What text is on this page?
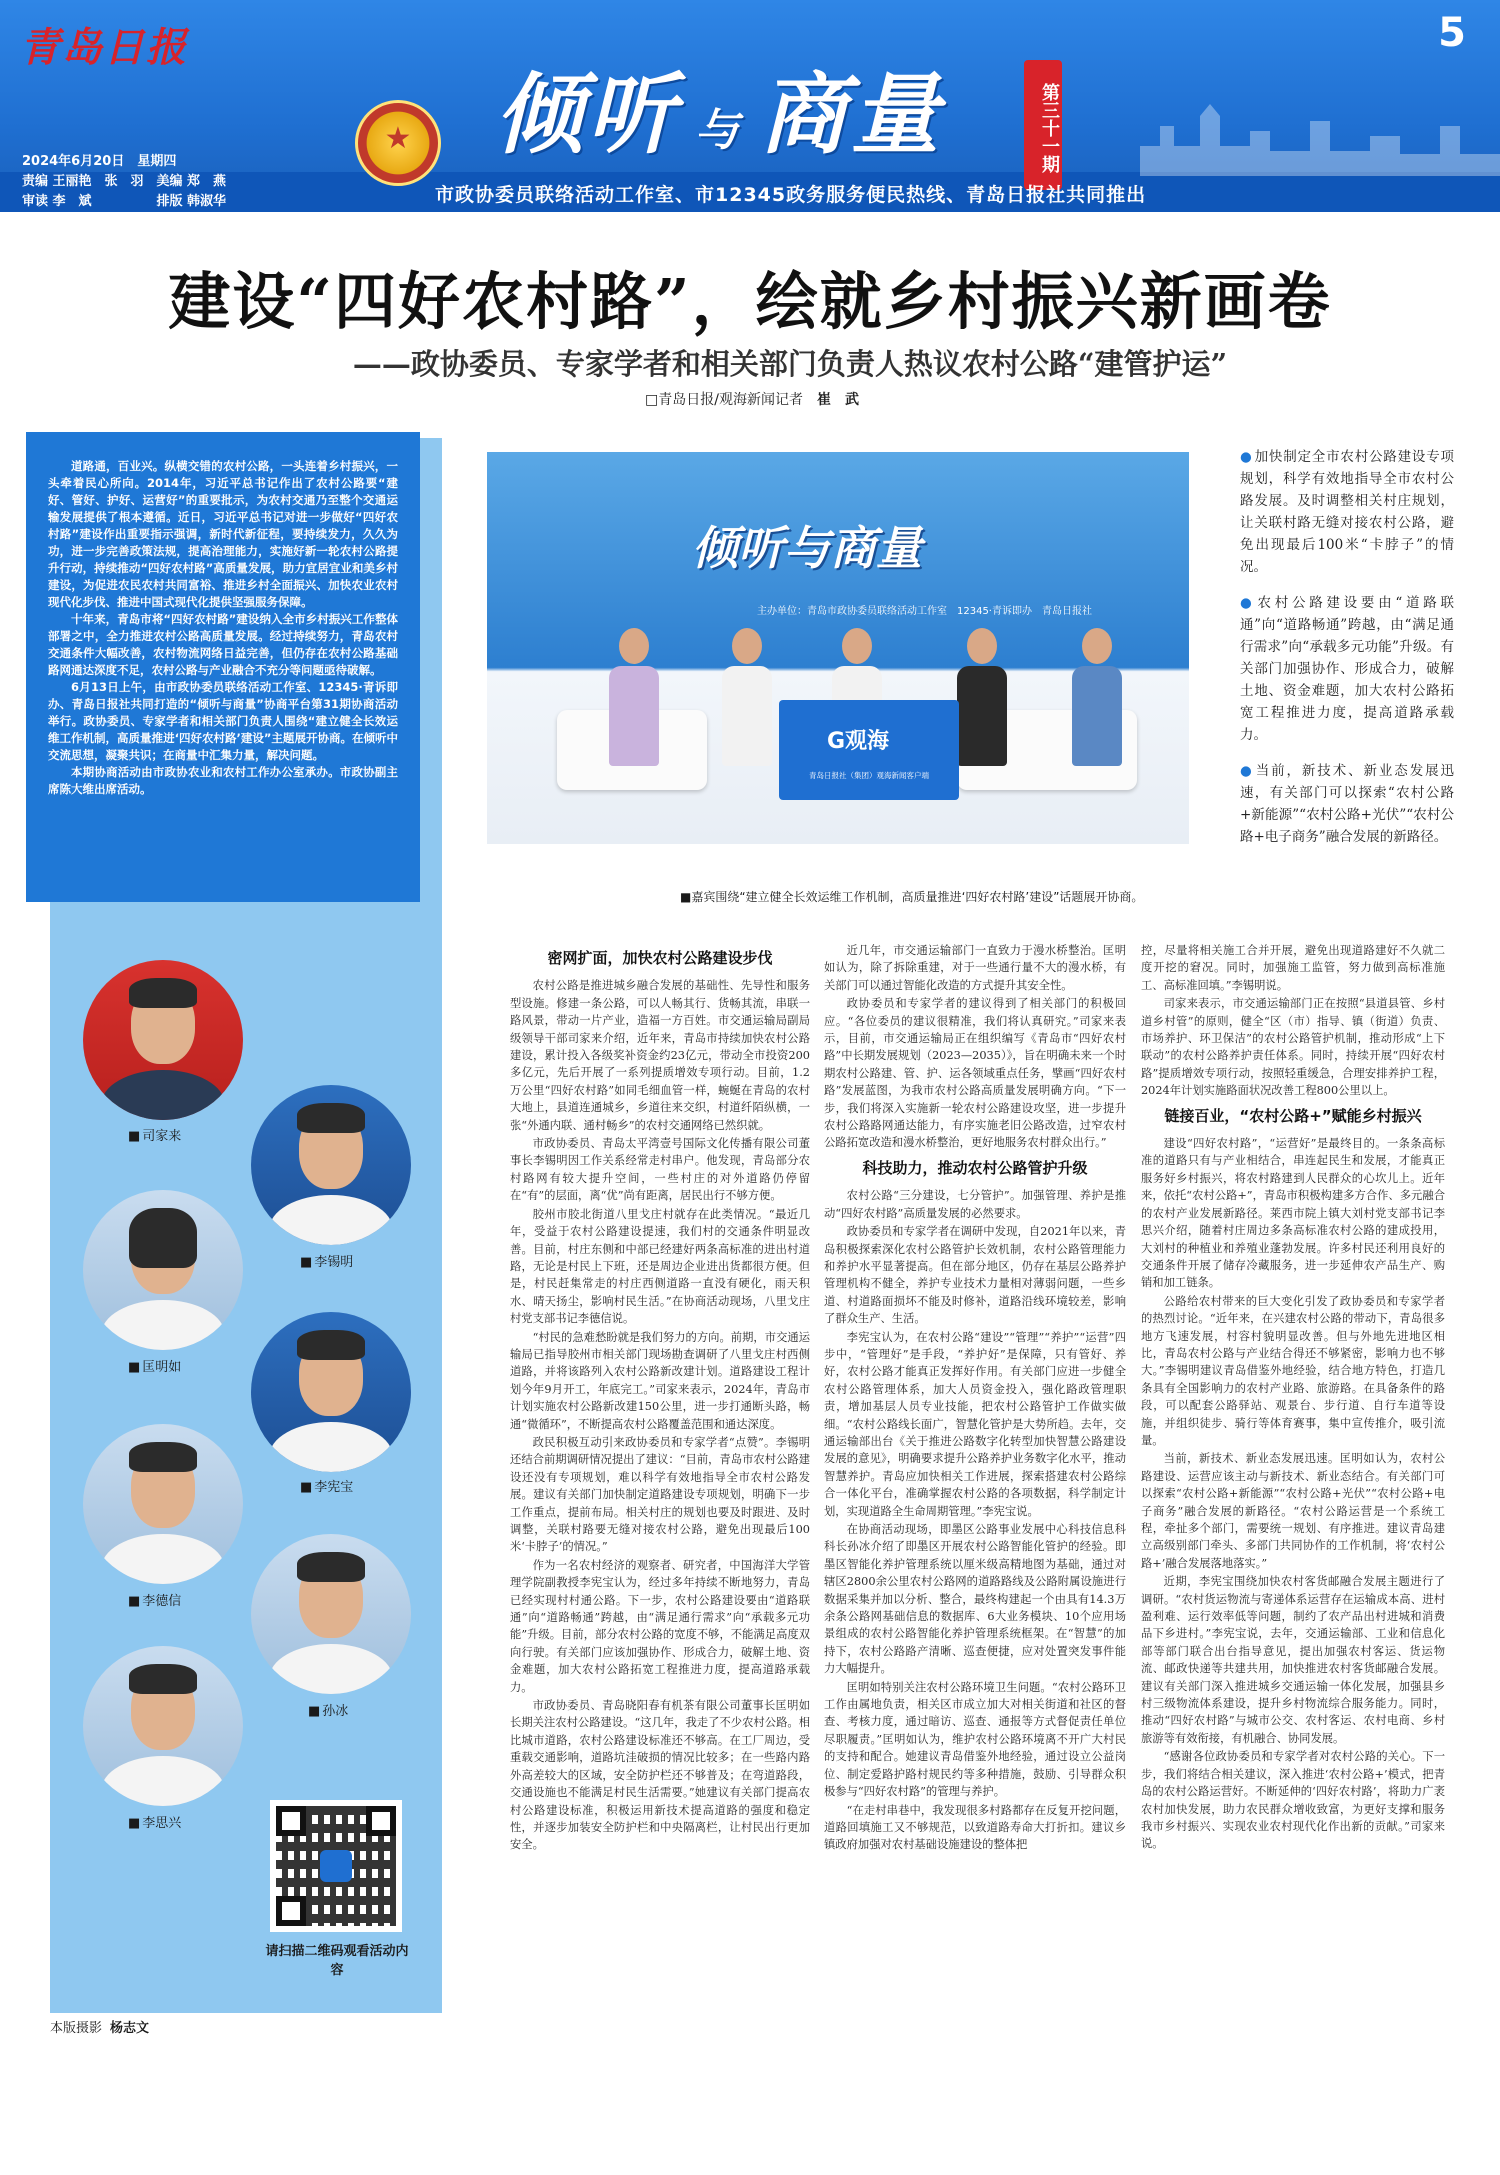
青岛日报	5
2024年6月20日　星期四
责编 王丽艳　张　羽　美编 郑　燕
审读 李　斌　　　　　排版 韩淑华
★ 倾听 与 商量	第三十一期
市政协委员联络活动工作室、市12345政务服务便民热线、青岛日报社共同推出
建设“四好农村路”，绘就乡村振兴新画卷
——政协委员、专家学者和相关部门负责人热议农村公路“建管护运”
□青岛日报/观海新闻记者 崔　武

道路通，百业兴。纵横交错的农村公路，一头连着乡村振兴，一头牵着民心所向。2014年，习近平总书记作出了农村公路要“建好、管好、护好、运营好”的重要批示，为农村交通乃至整个交通运输发展提供了根本遵循。近日，习近平总书记对进一步做好“四好农村路”建设作出重要指示强调，新时代新征程，要持续发力，久久为功，进一步完善政策法规，提高治理能力，实施好新一轮农村公路提升行动，持续推动“四好农村路”高质量发展，助力宜居宜业和美乡村建设，为促进农民农村共同富裕、推进乡村全面振兴、加快农业农村现代化步伐、推进中国式现代化提供坚强服务保障。

十年来，青岛市将“四好农村路”建设纳入全市乡村振兴工作整体部署之中，全力推进农村公路高质量发展。经过持续努力，青岛农村交通条件大幅改善，农村物流网络日益完善，但仍存在农村公路基础路网通达深度不足，农村公路与产业融合不充分等问题亟待破解。

6月13日上午，由市政协委员联络活动工作室、12345·青诉即办、青岛日报社共同打造的“倾听与商量”协商平台第31期协商活动举行。政协委员、专家学者和相关部门负责人围绕“建立健全长效运维工作机制，高质量推进‘四好农村路’建设”主题展开协商。在倾听中交流思想，凝聚共识；在商量中汇集力量，解决问题。

本期协商活动由市政协农业和农村工作办公室承办。市政协副主席陈大维出席活动。

■ 司家来
■ 李锡明
■ 匡明如
■ 李宪宝
■ 李德信
■ 孙冰
■ 李思兴
请扫描二维码观看活动内容
本版摄影 杨志文
倾听与商量
主办单位：青岛市政协委员联络活动工作室　12345·青诉即办　青岛日报社
G观海
青岛日报社（集团）观海新闻客户端
■ 嘉宾围绕“建立健全长效运维工作机制，高质量推进‘四好农村路’建设”话题展开协商。

● 加快制定全市农村公路建设专项规划，科学有效地指导全市农村公路发展。及时调整相关村庄规划，让关联村路无缝对接农村公路，避免出现最后100米“卡脖子”的情况。

● 农村公路建设要由“道路联通”向“道路畅通”跨越，由“满足通行需求”向“承载多元功能”升级。有关部门加强协作、形成合力，破解土地、资金难题，加大农村公路拓宽工程推进力度，提高道路承载力。

● 当前，新技术、新业态发展迅速，有关部门可以探索“农村公路+新能源”“农村公路+光伏”“农村公路+电子商务”融合发展的新路径。

密网扩面，加快农村公路建设步伐

农村公路是推进城乡融合发展的基础性、先导性和服务型设施。修建一条公路，可以人畅其行、货畅其流，串联一路风景，带动一片产业，造福一方百姓。市交通运输局副局级领导干部司家来介绍，近年来，青岛市持续加快农村公路建设，累计投入各级奖补资金约23亿元，带动全市投资200多亿元，先后开展了一系列提质增效专项行动。目前，1.2万公里“四好农村路”如同毛细血管一样，蜿蜒在青岛的农村大地上，县道连通城乡，乡道往来交织，村道纤陌纵横，一张“外通内联、通村畅乡”的农村交通网络已然织就。

市政协委员、青岛太平湾壹号国际文化传播有限公司董事长李锡明因工作关系经常走村串户。他发现，青岛部分农村路网有较大提升空间，一些村庄的对外道路仍停留在“有”的层面，离“优”尚有距离，居民出行不够方便。

胶州市胶北街道八里戈庄村就存在此类情况。“最近几年，受益于农村公路建设提速，我们村的交通条件明显改善。目前，村庄东侧和中部已经建好两条高标准的进出村道路，无论是村民上下班，还是周边企业进出货都很方便。但是，村民赶集常走的村庄西侧道路一直没有硬化，雨天积水、晴天扬尘，影响村民生活。”在协商活动现场，八里戈庄村党支部书记李德信说。

“村民的急难愁盼就是我们努力的方向。前期，市交通运输局已指导胶州市相关部门现场勘查调研了八里戈庄村西侧道路，并将该路列入农村公路新改建计划。道路建设工程计划今年9月开工，年底完工。”司家来表示，2024年，青岛市计划实施农村公路新改建150公里，进一步打通断头路，畅通“微循环”，不断提高农村公路覆盖范围和通达深度。

政民积极互动引来政协委员和专家学者“点赞”。李锡明还结合前期调研情况提出了建议：“目前，青岛市农村公路建设还没有专项规划，难以科学有效地指导全市农村公路发展。建议有关部门加快制定道路建设专项规划，明确下一步工作重点，提前布局。相关村庄的规划也要及时跟进、及时调整，关联村路要无缝对接农村公路，避免出现最后100米‘卡脖子’的情况。”

作为一名农村经济的观察者、研究者，中国海洋大学管理学院副教授李宪宝认为，经过多年持续不断地努力，青岛已经实现村村通公路。下一步，农村公路建设要由“道路联通”向“道路畅通”跨越，由“满足通行需求”向“承载多元功能”升级。目前，部分农村公路的宽度不够，不能满足高度双向行驶。有关部门应该加强协作、形成合力，破解土地、资金难题，加大农村公路拓宽工程推进力度，提高道路承载力。

市政协委员、青岛晓阳春有机茶有限公司董事长匡明如长期关注农村公路建设。“这几年，我走了不少农村公路。相比城市道路，农村公路建设标准还不够高。在工厂周边，受重载交通影响，道路坑洼破损的情况比较多；在一些路内路外高差较大的区域，安全防护栏还不够普及；在弯道路段，交通设施也不能满足村民生活需要。”她建议有关部门提高农村公路建设标准，积极运用新技术提高道路的强度和稳定性，并逐步加装安全防护栏和中央隔离栏，让村民出行更加安全。

近几年，市交通运输部门一直致力于漫水桥整治。匡明如认为，除了拆除重建，对于一些通行量不大的漫水桥，有关部门可以通过智能化改造的方式提升其安全性。

政协委员和专家学者的建议得到了相关部门的积极回应。“各位委员的建议很精准，我们将认真研究。”司家来表示，目前，市交通运输局正在组织编写《青岛市“四好农村路”中长期发展规划（2023—2035）》，旨在明确未来一个时期农村公路建、管、护、运各领域重点任务，擘画“四好农村路”发展蓝图，为我市农村公路高质量发展明确方向。“下一步，我们将深入实施新一轮农村公路建设攻坚，进一步提升农村公路路网通达能力，有序实施老旧公路改造，过窄农村公路拓宽改造和漫水桥整治，更好地服务农村群众出行。”

科技助力，推动农村公路管护升级

农村公路“三分建设，七分管护”。加强管理、养护是推动“四好农村路”高质量发展的必然要求。

政协委员和专家学者在调研中发现，自2021年以来，青岛积极探索深化农村公路管护长效机制，农村公路管理能力和养护水平显著提高。但在部分地区，仍存在基层公路养护管理机构不健全，养护专业技术力量相对薄弱问题，一些乡道、村道路面损坏不能及时修补，道路沿线环境较差，影响了群众生产、生活。

李宪宝认为，在农村公路“建设”“管理”“养护”“运营”四步中，“管理好”是手段，“养护好”是保障，只有管好、养好，农村公路才能真正发挥好作用。有关部门应进一步健全农村公路管理体系，加大人员资金投入，强化路政管理职责，增加基层人员专业技能，把农村公路管护工作做实做细。“农村公路线长面广，智慧化管护是大势所趋。去年，交通运输部出台《关于推进公路数字化转型加快智慧公路建设发展的意见》，明确要求提升公路养护业务数字化水平，推动智慧养护。青岛应加快相关工作进展，探索搭建农村公路综合一体化平台，准确掌握农村公路的各项数据，科学制定计划，实现道路全生命周期管理。”李宪宝说。

在协商活动现场，即墨区公路事业发展中心科技信息科科长孙冰介绍了即墨区开展农村公路智能化管护的经验。即墨区智能化养护管理系统以厘米级高精地图为基础，通过对辖区2800余公里农村公路网的道路路线及公路附属设施进行数据采集并加以分析、整合，最终构建起一个由具有14.3万余条公路网基础信息的数据库、6大业务模块、10个应用场景组成的农村公路智能化养护管理系统框架。在“智慧”的加持下，农村公路路产清晰、巡查便捷，应对处置突发事件能力大幅提升。

匡明如特别关注农村公路环境卫生问题。“农村公路环卫工作由属地负责，相关区市成立加大对相关街道和社区的督查、考核力度，通过暗访、巡查、通报等方式督促责任单位尽职履责。”匡明如认为，维护农村公路环境离不开广大村民的支持和配合。她建议青岛借鉴外地经验，通过设立公益岗位、制定爱路护路村规民约等多种措施，鼓励、引导群众积极参与“四好农村路”的管理与养护。

“在走村串巷中，我发现很多村路都存在反复开挖问题，道路回填施工又不够规范，以致道路寿命大打折扣。建议乡镇政府加强对农村基础设施建设的整体把

控，尽量将相关施工合并开展，避免出现道路建好不久就二度开挖的窘况。同时，加强施工监管，努力做到高标准施工、高标准回填。”李锡明说。

司家来表示，市交通运输部门正在按照“县道县管、乡村道乡村管”的原则，健全“区（市）指导、镇（街道）负责、市场养护、环卫保洁”的农村公路管护机制，推动形成“上下联动”的农村公路养护责任体系。同时，持续开展“四好农村路”提质增效专项行动，按照轻重缓急，合理安排养护工程，2024年计划实施路面状况改善工程800公里以上。

链接百业，“农村公路+”赋能乡村振兴

建设“四好农村路”，“运营好”是最终目的。一条条高标准的道路只有与产业相结合，串连起民生和发展，才能真正服务好乡村振兴，将农村路建到人民群众的心坎儿上。近年来，依托“农村公路+”，青岛市积极构建多方合作、多元融合的农村产业发展新路径。莱西市院上镇大刘村党支部书记李思兴介绍，随着村庄周边多条高标准农村公路的建成投用，大刘村的种植业和养殖业蓬勃发展。许多村民还利用良好的交通条件开展了储存冷藏服务，进一步延伸农产品生产、购销和加工链条。

公路给农村带来的巨大变化引发了政协委员和专家学者的热烈讨论。“近年来，在兴建农村公路的带动下，青岛很多地方飞速发展，村容村貌明显改善。但与外地先进地区相比，青岛农村公路与产业结合得还不够紧密，影响力也不够大。”李锡明建议青岛借鉴外地经验，结合地方特色，打造几条具有全国影响力的农村产业路、旅游路。在具备条件的路段，可以配套公路驿站、观景台、步行道、自行车道等设施，并组织徒步、骑行等体育赛事，集中宣传推介，吸引流量。

当前，新技术、新业态发展迅速。匡明如认为，农村公路建设、运营应该主动与新技术、新业态结合。有关部门可以探索“农村公路+新能源”“农村公路+光伏”“农村公路+电子商务”融合发展的新路径。“农村公路运营是一个系统工程，牵扯多个部门，需要统一规划、有序推进。建议青岛建立高级别部门牵头、多部门共同协作的工作机制，将‘农村公路+’融合发展落地落实。”

近期，李宪宝围绕加快农村客货邮融合发展主题进行了调研。“农村货运物流与寄递体系运营存在运输成本高、进村盈利难、运行效率低等问题，制约了农产品出村进城和消费品下乡进村。”李宪宝说，去年，交通运输部、工业和信息化部等部门联合出台指导意见，提出加强农村客运、货运物流、邮政快递等共建共用，加快推进农村客货邮融合发展。建议有关部门深入推进城乡交通运输一体化发展，加强县乡村三级物流体系建设，提升乡村物流综合服务能力。同时，推动“四好农村路”与城市公交、农村客运、农村电商、乡村旅游等有效衔接，有机融合、协同发展。

“感谢各位政协委员和专家学者对农村公路的关心。下一步，我们将结合相关建议，深入推进‘农村公路+’模式，把青岛的农村公路运营好。不断延伸的‘四好农村路’，将助力广袤农村加快发展，助力农民群众增收致富，为更好支撑和服务我市乡村振兴、实现农业农村现代化作出新的贡献。”司家来说。
